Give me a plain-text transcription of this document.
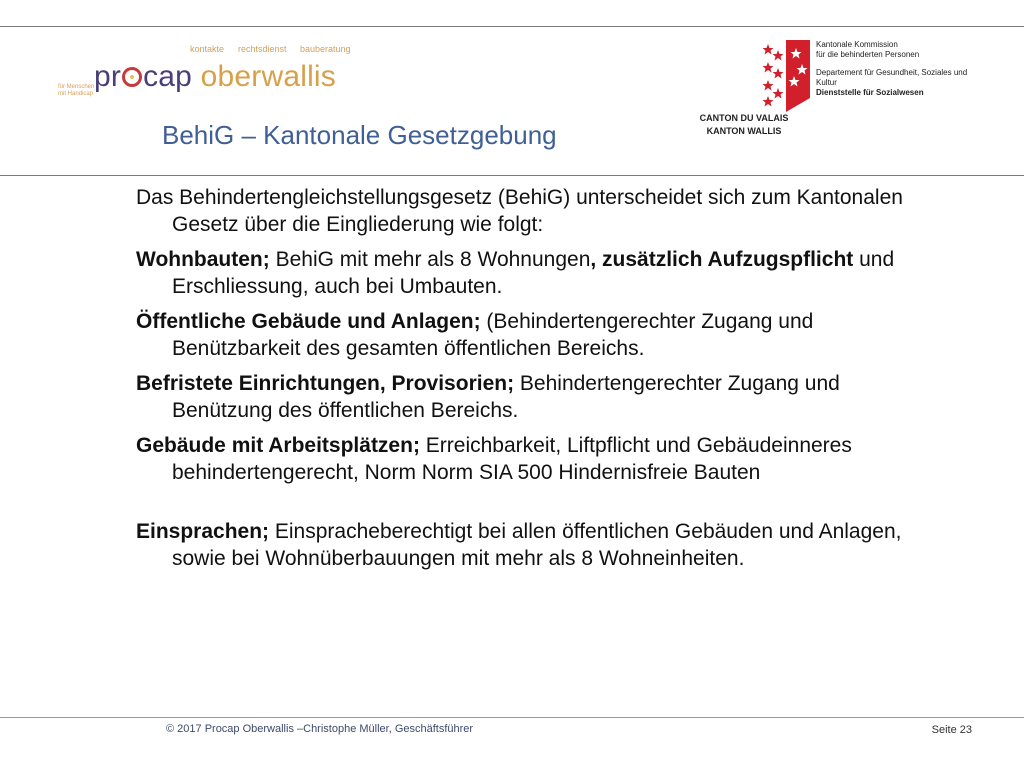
kontakte rechtsdienst bauberatung
für Menschen
mit Handicap
pr cap oberwallis
BehiG – Kantonale Gesetzgebung
Kantonale Kommission
für die behinderten Personen
Departement für Gesundheit, Soziales und Kultur
Dienststelle für Sozialwesen
CANTON DU VALAIS
KANTON WALLIS

Das Behindertengleichstellungsgesetz (BehiG) unterscheidet sich zum Kantonalen Gesetz über die Eingliederung wie folgt:

Wohnbauten; BehiG mit mehr als 8 Wohnungen, zusätzlich Aufzugspflicht und Erschliessung, auch bei Umbauten.

Öffentliche Gebäude und Anlagen; (Behindertengerechter Zugang und Benützbarkeit des gesamten öffentlichen Bereichs.

Befristete Einrichtungen, Provisorien; Behindertengerechter Zugang und Benützung des öffentlichen Bereichs.

Gebäude mit Arbeitsplätzen; Erreichbarkeit, Liftpflicht und Gebäudeinneres behindertengerecht, Norm Norm SIA 500 Hindernisfreie Bauten

Einsprachen; Einspracheberechtigt bei allen öffentlichen Gebäuden und Anlagen, sowie bei Wohnüberbauungen mit mehr als 8 Wohneinheiten.

© 2017 Procap Oberwallis –Christophe Müller, Geschäftsführer	Seite 23
